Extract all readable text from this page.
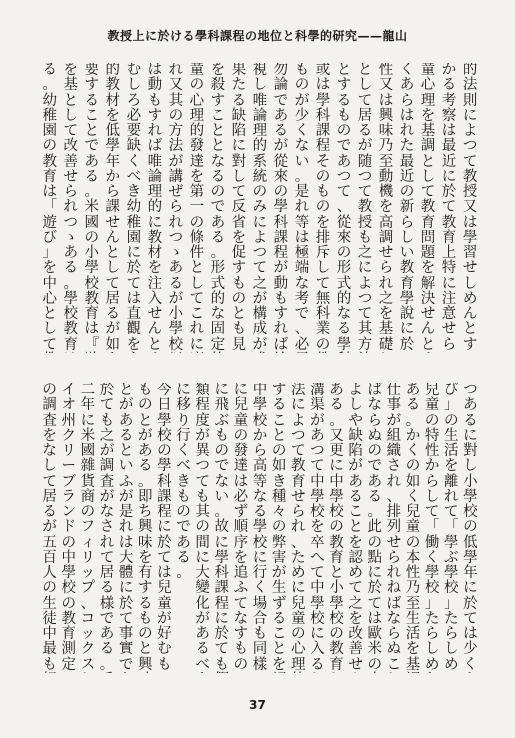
教授上に於ける學科課程の地位と科學的研究——龍山
的
法
則
に
よ
つ
て
教
授
又
は
學
習
せ
し
め
ん
と
す
か
る
考
察
は
最
近
に
於
て
教
育
上
特
に
注
意
せ
ら
童
心
理
を
基
調
と
し
て
教
育
問
題
を
解
決
せ
ん
と
く
あ
ら
は
れ
た
最
近
の
新
ら
し
い
教
育
學
說
に
於
性
又
は
興
味
乃
至
動
機
を
高
調
せ
ら
れ
之
を
基
礎
と
し
て
居
る
が
随
つ
て
教
授
も
之
に
よ
つ
て
其
方
と
す
る
も
の
で
あ
つ
て
、
從
來
の
形
式
的
な
る
學
或
は
學
科
課
程
そ
の
も
の
を
排
斥
し
て
無
科
業
の
も
の
が
少
く
な
い
。
是
れ
等
は
極
端
な
考
で
、
必
勿
論
で
あ
る
が
從
來
の
學
科
課
程
が
動
も
す
れ
ば
視
し
唯
論
理
的
系
統
の
み
に
よ
つ
て
之
が
構
成
が
果
た
る
缺
陷
に
對
し
て
反
省
を
促
す
も
の
と
も
見
を
殺
す
こ
と
と
な
る
の
で
あ
る
。
形
式
的
な
固
定
童
の
心
理
的
發
達
を
第
一
の
條
件
と
し
て
こ
れ
に
れ
又
其
の
方
法
が
講
ぜ
ら
れ
つ
ゝ
あ
る
が
小
學
校
は
動
も
す
れ
ば
唯
論
理
的
に
教
材
を
注
入
せ
ん
と
む
し
ろ
必
要
缺
く
べ
き
幼
稚
園
に
於
て
は
直
觀
を
的
教
材
を
低
學
年
か
ら
課
せ
ん
と
し
て
居
る
が
如
要
す
る
こ
と
で
あ
る
。
米
國
の
小
學
校
教
育
は
『
を
基
と
し
て
改
善
せ
ら
れ
つ
ゝ
あ
る
。
學
校
教
育
る
。
幼
稚
園
の
教
育
は
「
遊
び
」
を
中
心
と
し
て
つ
あ
る
に
對
し
小
學
校
の
低
學
年
に
於
て
は
少
く
び
」
の
生
活
を
離
れ
て
「
學
ぶ
學
校
」
た
ら
し
め
兒
童
の
特
性
か
ら
し
て
「
働
く
學
校
」
た
ら
し
め
あ
る
。
か
く
の
如
く
兒
童
の
本
性
乃
至
生
活
を
基
仕
事
が
組
織
さ
れ
、
排
列
せ
ら
れ
ね
ば
な
ら
ぬ
こ
ば
な
ら
ぬ
の
で
あ
る
。
此
の
點
に
於
て
は
歐
米
の
よ
し
や
缺
陷
が
あ
る
こ
と
を
認
め
て
之
を
改
善
せ
あ
る
。
又
更
に
中
學
校
の
教
育
と
小
學
校
の
教
育
溝
渠
が
あ
つ
て
中
學
校
を
卒
へ
て
中
學
校
に
入
る
法
に
よ
つ
て
教
育
せ
ら
れ
、
た
め
に
兒
童
の
心
理
す
る
こ
と
の
如
き
種
々
の
弊
害
が
生
ず
る
こ
と
を
中
學
校
か
ら
高
等
な
る
學
校
に
行
く
場
合
も
同
樣
に
兒
童
の
發
達
は
必
ず
順
序
を
追
ふ
て
な
す
も
の
に
飛
ぶ
も
の
で
な
い
。
故
に
學
科
課
程
に
於
て
も
類
程
度
が
異
つ
て
も
其
の
間
に
大
變
化
が
あ
る
べ
に
移
り
行
く
べ
き
も
の
で
あ
る
。
今
日
學
校
の
學
科
課
程
に
於
て
は
兒
童
が
好
む
も
も
の
と
が
あ
る
。
即
ち
興
味
を
有
す
る
も
の
と
興
と
が
あ
る
と
い
ふ
が
是
れ
は
大
體
に
於
て
事
實
で
於
て
も
之
が
調
査
が
な
さ
れ
て
居
る
様
で
あ
る
。
二
年
に
米
國
雜
貨
商
の
フ
ィ
リ
ッ
プ
、
コ
ッ
ク
ス
イ
オ
州
ク
リ
ー
ブ
ラ
ン
ド
の
中
學
校
の
教
育
測
定
の
調
査
を
な
し
て
居
る
が
五
百
人
の
生
徒
中
最
も
37
